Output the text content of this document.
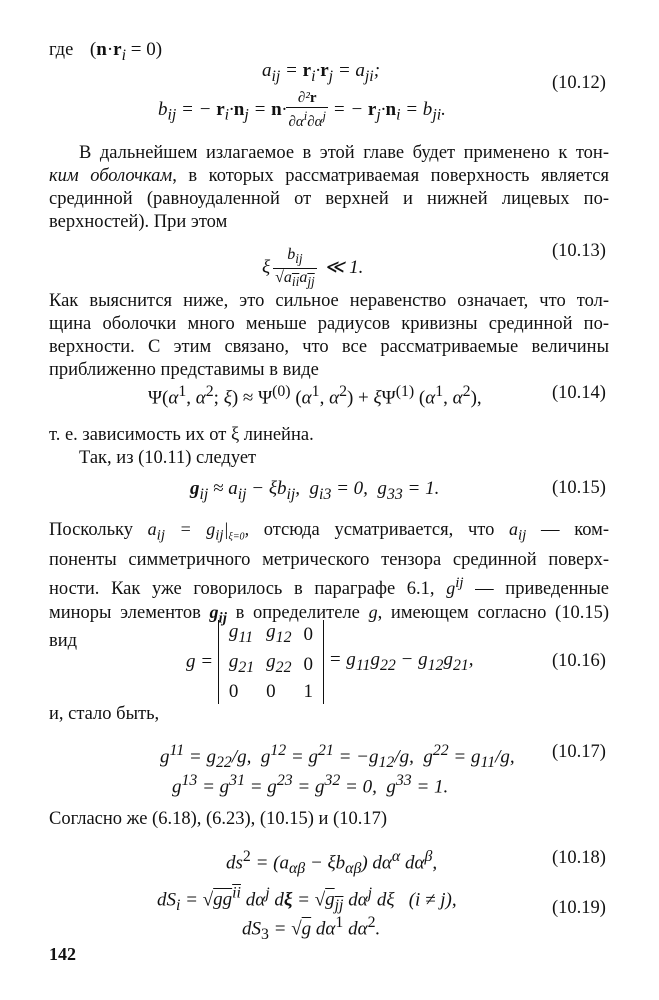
где $(n\cdot r_i = 0)$
$a_{ij} = r_i\cdot r_j = a_{ji}$;
$b_{ij}$ = − $r_i\cdot n_j = n\cdot \frac{\text{∂²r}}{\partial\alpha^i\partial\alpha^j}$ = − $r_j\cdot n_i = b_{ji}$.
(10.12)
В дальнейшем излагаемое в этой главе будет применено к тон-
ким оболочкам, в которых рассматриваемая поверхность является
срединной (равноудаленной от верхней и нижней лицевых по-
верхностей). При этом
ξ
$b_{ij}$
$√a_{ii}a_{jj}$
≪ 1.
(10.13)
Как выяснится ниже, это сильное неравенство означает, что тол-
щина оболочки много меньше радиусов кривизны срединной по-
верхности. С этим связано, что все рассматриваемые величины
приближенно представимы в виде
$\Psi(\alpha^1$, $\alpha^2$; $\xi) \approx \Psi^{(0)}$ ($\alpha^1$, $\alpha^2) + \xi\Psi^{(1)}$ ($\alpha^1$, $\alpha^2$),	(10.14)
т. е. зависимость их от ξ линейна.
Так, из (10.11) следует
$g_{ij} \approx a_{ij} - \xi b_{ij}$,  $g_{i3} = 0$,  $g_{33} = 1$.	(10.15)
Поскольку $a_{ij} = g_{ij}|_{\xi=0}$, отсюда усматривается, что $a_{ij}$ — ком-
поненты симметричного метрического тензора срединной поверх-
ности. Как уже говорилось в параграфе 6.1, $g^{ij}$ — приведенные
миноры элементов $g_{ij}$ в определителе g, имеющем согласно (10.15)
вид
g =
$g_{11}$	$g_{12}$	0
$g_{21}$	$g_{22}$	0
0	0	1
= $g_{11}g_{22} - g_{12}g_{21}$,	(10.16)
и, стало быть,
$g^{11} = g_{22}/g$,  $g^{12} = g^{21} = -g_{12}/g$,  $g^{22} = g_{11}/g$,
$g^{13} = g^{31} = g^{23} = g^{32} = 0$,  $g^{33} = 1$.
(10.17)
Согласно же (6.18), (6.23), (10.15) и (10.17)
$ds^2 = (a_{\alpha\beta} - \xi b_{\alpha\beta})$ $d\alpha^\alpha$ $d\alpha^\beta$,	(10.18)
$dS_i = √gg^{ii}$ $d\alpha^j$ $d\xi = √g_{jj}$ $d\alpha^j$ dξ   (i ≠ j),
$dS_3 = √g$ $d\alpha^1$ $d\alpha^2$.
(10.19)
142
